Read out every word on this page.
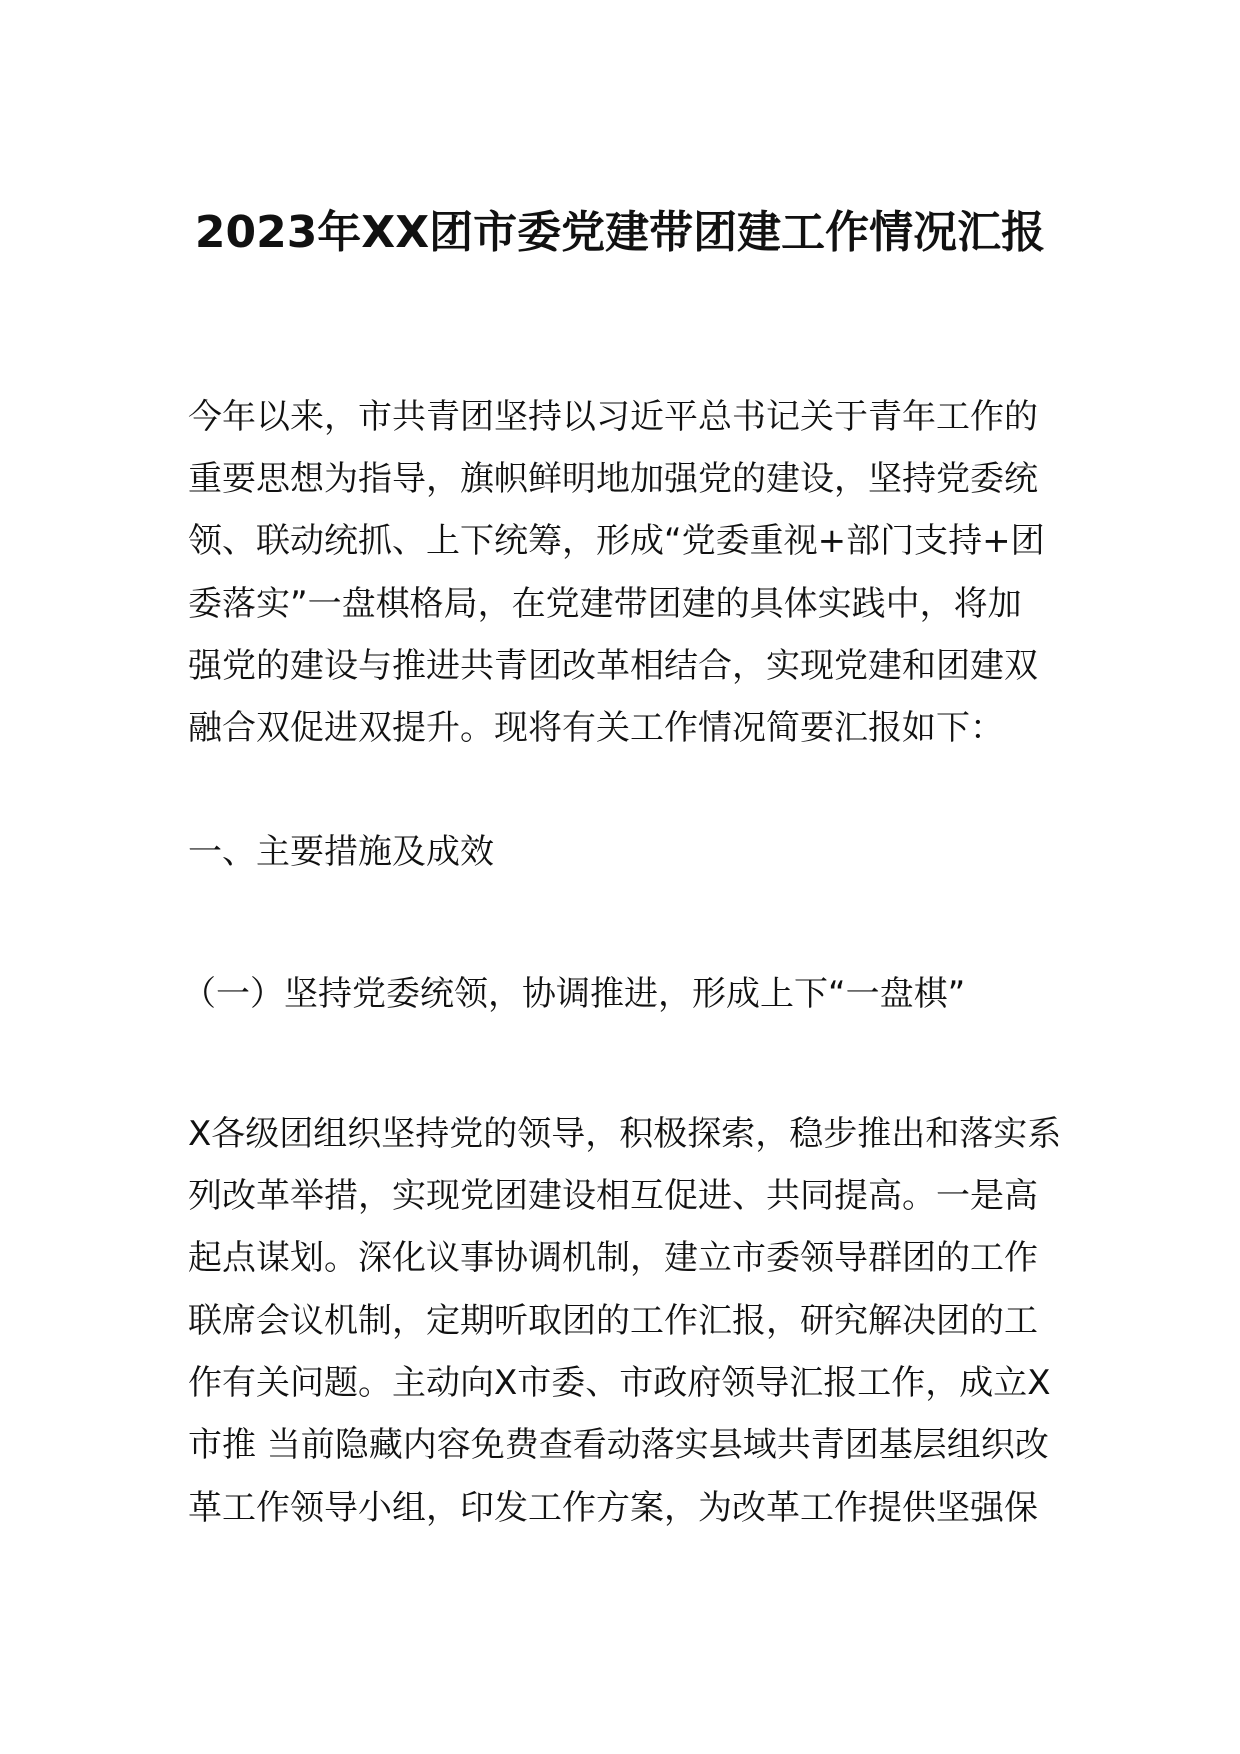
2023年XX团市委党建带团建工作情况汇报
今年以来，市共青团坚持以习近平总书记关于青年工作的
重要思想为指导，旗帜鲜明地加强党的建设，坚持党委统
领、联动统抓、上下统筹，形成“党委重视+部门支持+团
委落实”一盘棋格局，在党建带团建的具体实践中，将加
强党的建设与推进共青团改革相结合，实现党建和团建双
融合双促进双提升。现将有关工作情况简要汇报如下：
一、主要措施及成效
（一）坚持党委统领，协调推进，形成上下“一盘棋”
X各级团组织坚持党的领导，积极探索，稳步推出和落实系
列改革举措，实现党团建设相互促进、共同提高。一是高
起点谋划。深化议事协调机制，建立市委领导群团的工作
联席会议机制，定期听取团的工作汇报，研究解决团的工
作有关问题。主动向X市委、市政府领导汇报工作，成立X
市推 当前隐藏内容免费查看动落实县域共青团基层组织改
革工作领导小组，印发工作方案，为改革工作提供坚强保
